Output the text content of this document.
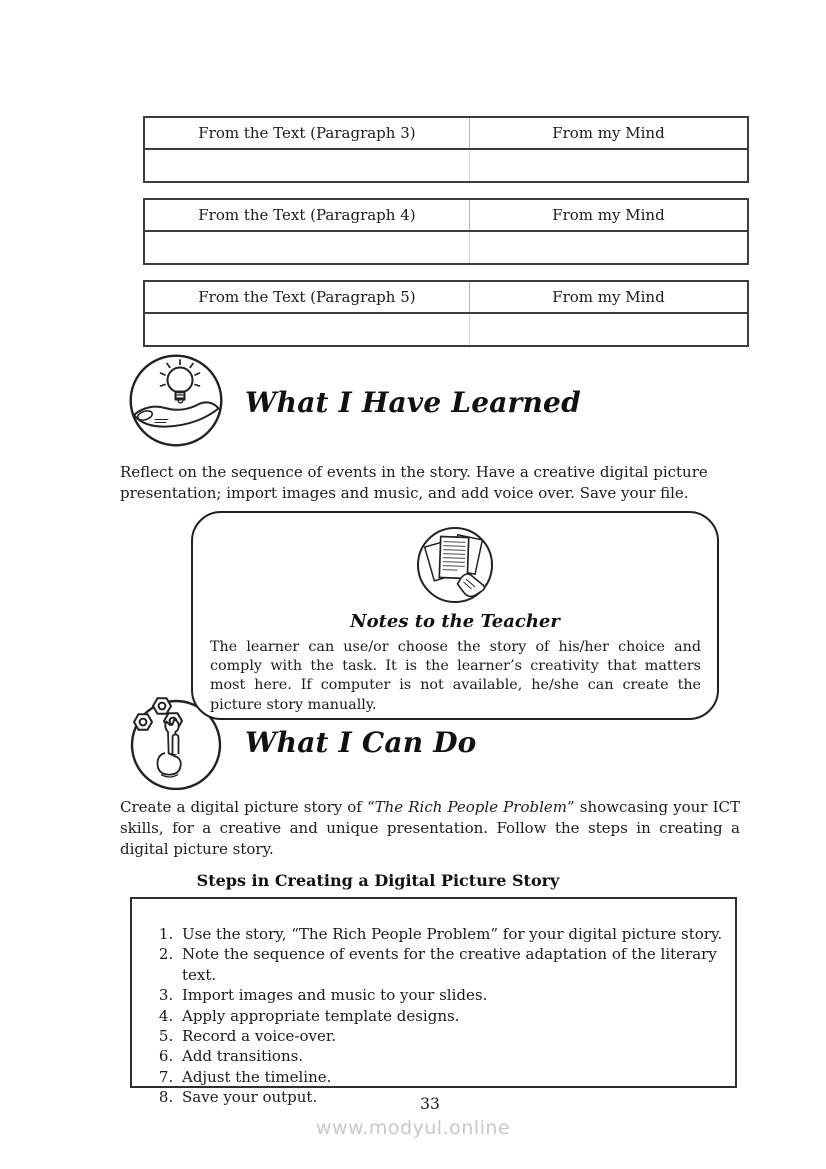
From the Text (Paragraph 3)	From my Mind
From the Text (Paragraph 4)	From my Mind
From the Text (Paragraph 5)	From my Mind
What I Have Learned
Reflect on the sequence of events in the story. Have a creative digital picture presentation; import images and music, and add voice over. Save your file.
Notes to the Teacher
The learner can use/or choose the story of his/her choice and comply with the task. It is the learner’s creativity that matters most here. If computer is not available, he/she can create the picture story manually.
What I Can Do
Create a digital picture story of “The Rich People Problem” showcasing your ICT skills, for a creative and unique presentation. Follow the steps in creating a digital picture story.
Steps in Creating a Digital Picture Story
1. Use the story, “The Rich People Problem” for your digital picture story.
2. Note the sequence of events for the creative adaptation of the literary text.
3. Import images and music to your slides.
4. Apply appropriate template designs.
5. Record a voice-over.
6. Add transitions.
7. Adjust the timeline.
8. Save your output.	33
www.modyul.online
